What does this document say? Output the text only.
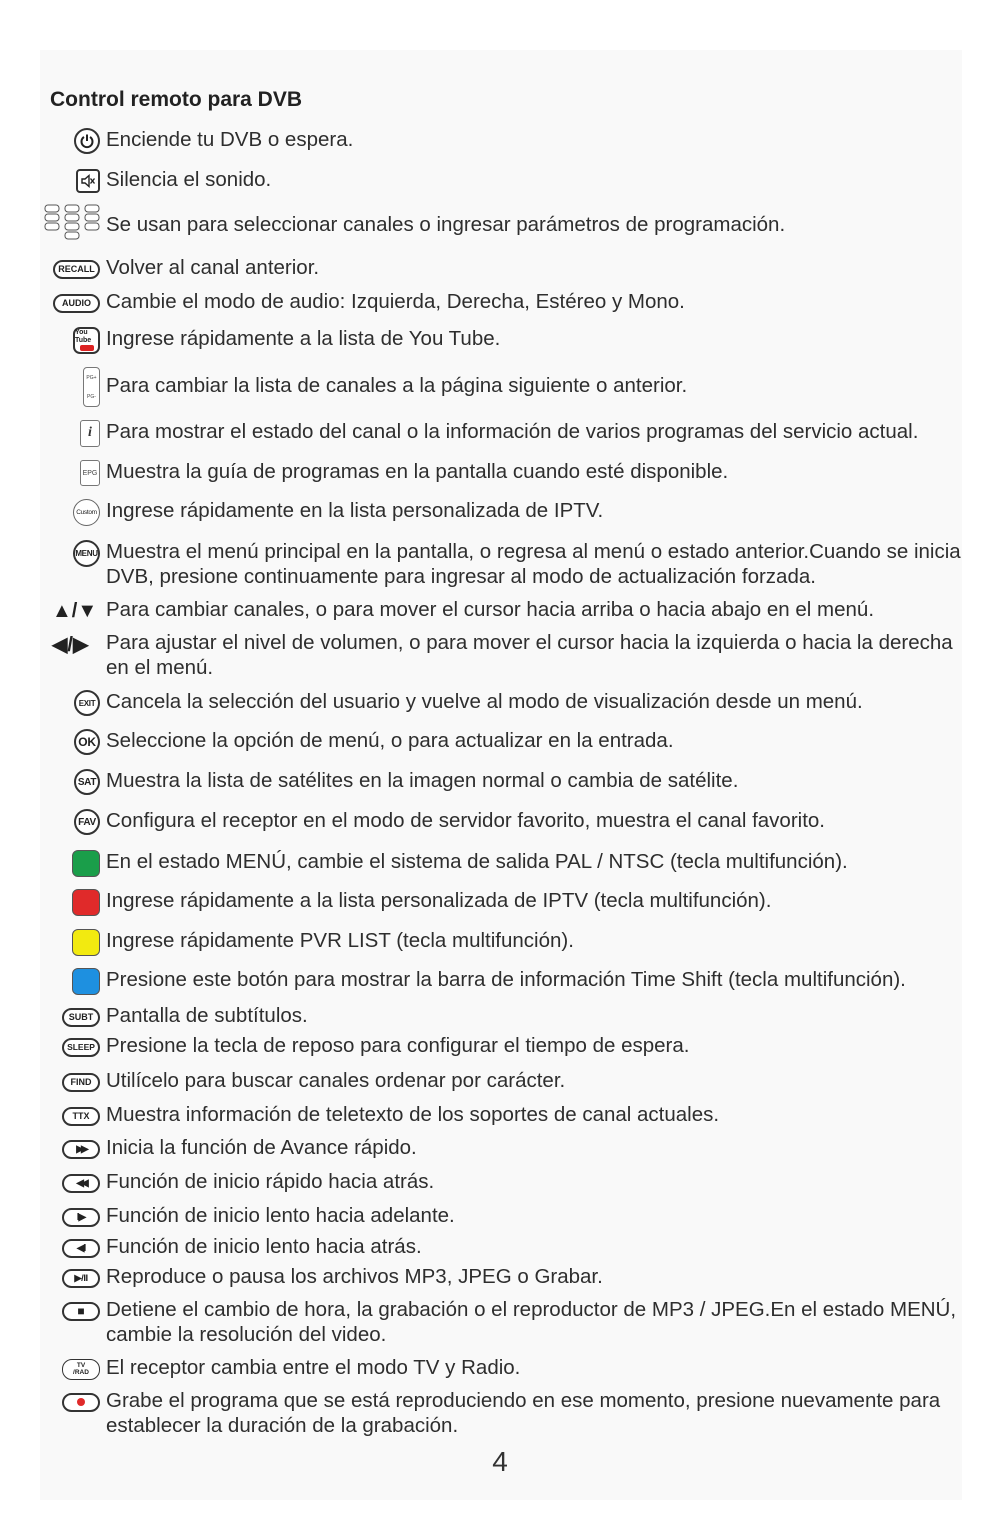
Control remoto para DVB
Enciende tu DVB o espera.
Silencia el sonido.
Se usan para seleccionar canales o ingresar parámetros de programación.
RECALL Volver al canal anterior.
AUDIO Cambie el modo de audio: Izquierda, Derecha, Estéreo y Mono.
You Tube Ingrese rápidamente a la lista de You Tube.
PG+
PG- Para cambiar la lista de canales a la página siguiente o anterior.
i Para mostrar el estado del canal o la información de varios programas del servicio actual.
EPG Muestra la guía de programas en la pantalla cuando esté disponible.
Custom Ingrese rápidamente en la lista personalizada de IPTV.
MENU Muestra el menú principal en la pantalla, o regresa al menú o estado anterior.Cuando se inicia DVB, presione continuamente para ingresar al modo de actualización forzada.
▲/▼ Para cambiar canales, o para mover el cursor hacia arriba o hacia abajo en el menú.
◀/▶ Para ajustar el nivel de volumen, o para mover el cursor hacia la izquierda o hacia la derecha en el menú.
EXIT Cancela la selección del usuario y vuelve al modo de visualización desde un menú.
OK Seleccione la opción de menú, o para actualizar en la entrada.
SAT Muestra la lista de satélites en la imagen normal o cambia de satélite.
FAV Configura el receptor en el modo de servidor favorito, muestra el canal favorito.
En el estado MENÚ, cambie el sistema de salida PAL / NTSC (tecla multifunción).
Ingrese rápidamente a la lista personalizada de IPTV (tecla multifunción).
Ingrese rápidamente PVR LIST (tecla multifunción).
Presione este botón para mostrar la barra de información Time Shift (tecla multifunción).
SUBT Pantalla de subtítulos.
SLEEP Presione la tecla de reposo para configurar el tiempo de espera.
FIND Utilícelo para buscar canales ordenar por carácter.
TTX Muestra información de teletexto de los soportes de canal actuales.
▶▶ Inicia la función de Avance rápido.
◀◀ Función de inicio rápido hacia atrás.
I▶	Función de inicio lento hacia adelante.
◀I	Función de inicio lento hacia atrás.
▶/II Reproduce o pausa los archivos MP3, JPEG o Grabar.
■	Detiene el cambio de hora, la grabación o el reproductor de MP3 / JPEG.En el estado MENÚ, cambie la resolución del video.
TV
/RAD El receptor cambia entre el modo TV y Radio.
Grabe el programa que se está reproduciendo en ese momento, presione nuevamente para establecer la duración de la grabación.
4
